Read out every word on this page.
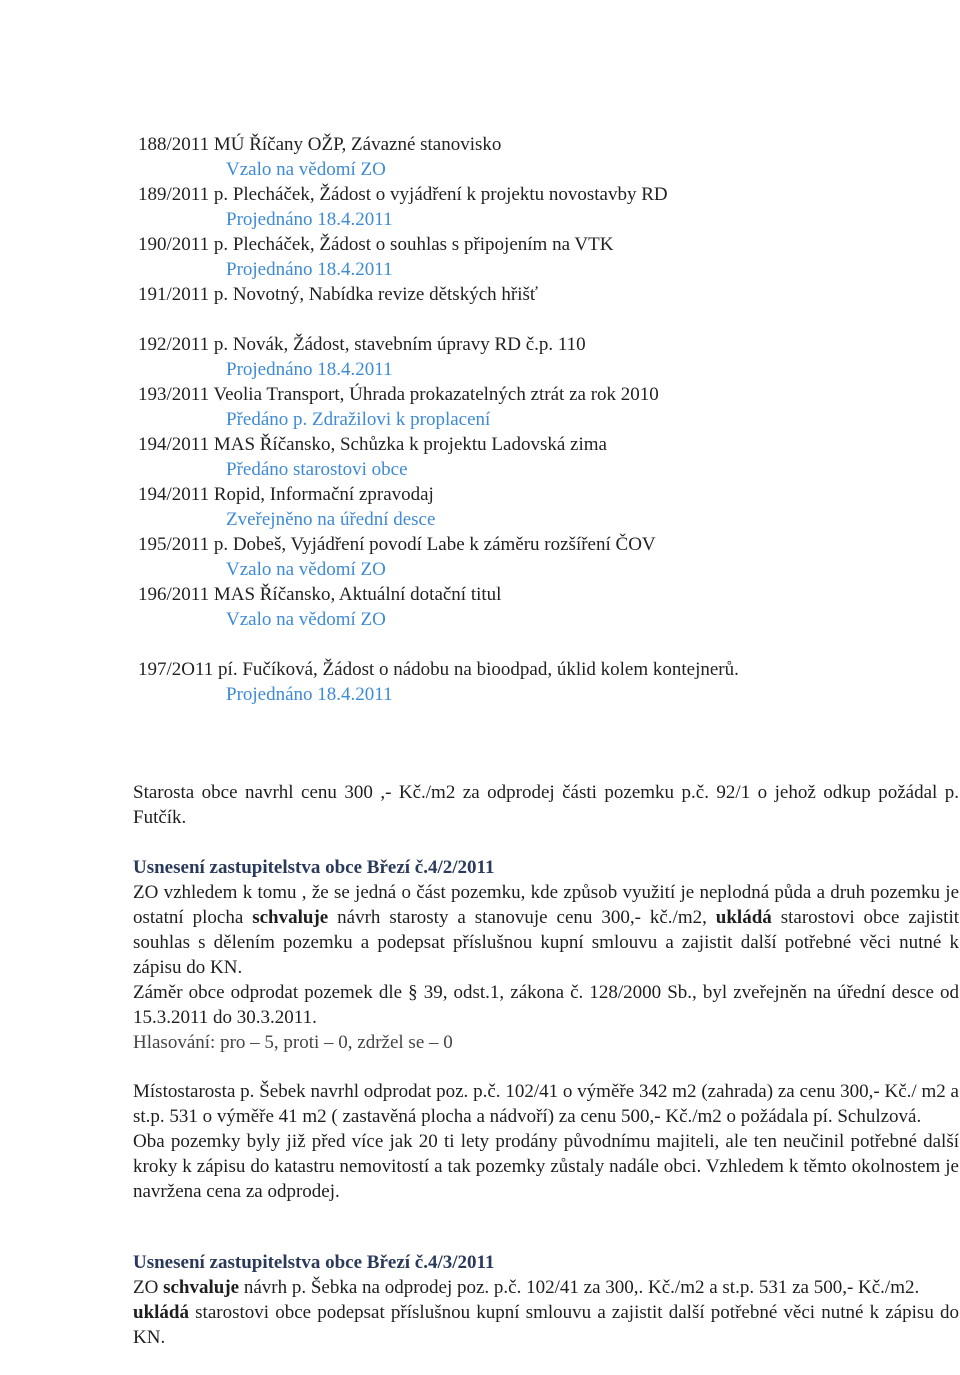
188/2011 MÚ Říčany OŽP, Závazné stanovisko
Vzalo na vědomí ZO
189/2011 p. Plecháček, Žádost o vyjádření k projektu novostavby RD
Projednáno 18.4.2011
190/2011 p. Plecháček, Žádost o souhlas s připojením na VTK
Projednáno 18.4.2011
191/2011 p. Novotný, Nabídka revize dětských hřišť
192/2011 p. Novák, Žádost, stavebním úpravy RD č.p. 110
Projednáno 18.4.2011
193/2011 Veolia Transport, Úhrada prokazatelných ztrát za rok 2010
Předáno p. Zdražilovi k proplacení
194/2011 MAS Říčansko, Schůzka k projektu Ladovská zima
Předáno starostovi obce
194/2011 Ropid, Informační zpravodaj
Zveřejněno na úřední desce
195/2011 p. Dobeš, Vyjádření povodí Labe k záměru rozšíření ČOV
Vzalo na vědomí ZO
196/2011 MAS Říčansko, Aktuální dotační titul
Vzalo na vědomí ZO
197/2O11 pí. Fučíková, Žádost o nádobu na bioodpad, úklid kolem kontejnerů.
Projednáno 18.4.2011

Starosta obce navrhl cenu 300 ,- Kč./m2 za odprodej části pozemku p.č. 92/1 o jehož odkup požádal p. Futčík.

Usnesení zastupitelstva obce Březí č.4/2/2011

ZO vzhledem k tomu , že se jedná o část pozemku, kde způsob využití je neplodná půda a druh pozemku je ostatní plocha schvaluje návrh starosty a stanovuje cenu 300,- kč./m2, ukládá starostovi obce zajistit souhlas s dělením pozemku a podepsat příslušnou kupní smlouvu a zajistit další potřebné věci nutné k zápisu do KN.

Záměr obce odprodat pozemek dle § 39, odst.1, zákona č. 128/2000 Sb., byl zveřejněn na úřední desce od 15.3.2011 do 30.3.2011.

Hlasování: pro – 5, proti – 0, zdržel se – 0

Místostarosta p. Šebek navrhl odprodat poz. p.č. 102/41 o výměře 342 m2 (zahrada) za cenu 300,- Kč./ m2 a st.p. 531 o výměře 41 m2 ( zastavěná plocha a nádvoří) za cenu 500,- Kč./m2 o požádala pí. Schulzová.

Oba pozemky byly již před více jak 20 ti lety prodány původnímu majiteli, ale ten neučinil potřebné další kroky k zápisu do katastru nemovitostí a tak pozemky zůstaly nadále obci. Vzhledem k těmto okolnostem je navržena cena za odprodej.

Usnesení zastupitelstva obce Březí č.4/3/2011

ZO schvaluje návrh p. Šebka na odprodej poz. p.č. 102/41 za 300,. Kč./m2 a st.p. 531 za 500,- Kč./m2.

ukládá starostovi obce podepsat příslušnou kupní smlouvu a zajistit další potřebné věci nutné k zápisu do KN.
